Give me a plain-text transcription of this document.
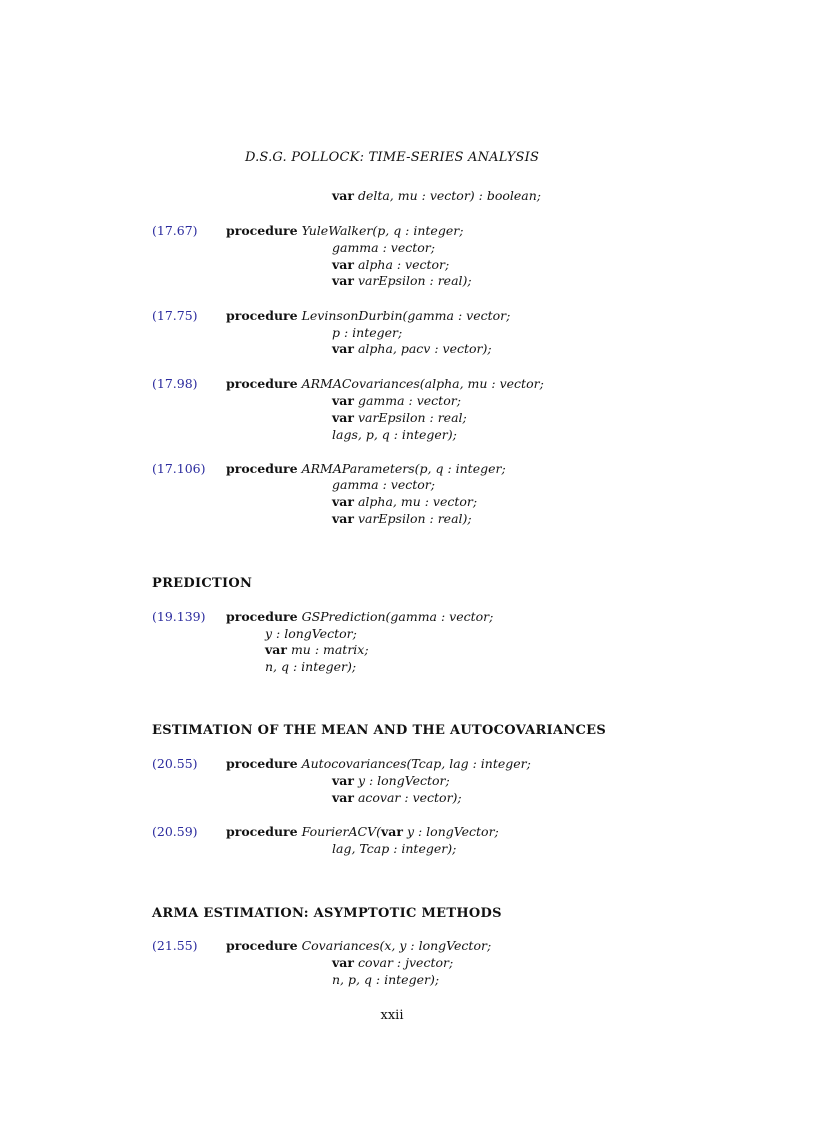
D.S.G. POLLOCK: TIME-SERIES ANALYSIS
var delta, mu : vector) : boolean;
(17.67) procedure YuleWalker(p, q : integer;
gamma : vector;
var alpha : vector;
var varEpsilon : real);
(17.75) procedure LevinsonDurbin(gamma : vector;
p : integer;
var alpha, pacv : vector);
(17.98) procedure ARMACovariances(alpha, mu : vector;
var gamma : vector;
var varEpsilon : real;
lags, p, q : integer);
(17.106) procedure ARMAParameters(p, q : integer;
gamma : vector;
var alpha, mu : vector;
var varEpsilon : real);
PREDICTION
(19.139) procedure GSPrediction(gamma : vector;
y : longVector;
var mu : matrix;
n, q : integer);
ESTIMATION OF THE MEAN AND THE AUTOCOVARIANCES
(20.55) procedure Autocovariances(Tcap, lag : integer;
var y : longVector;
var acovar : vector);
(20.59) procedure FourierACV(var y : longVector;
lag, Tcap : integer);
ARMA ESTIMATION: ASYMPTOTIC METHODS
(21.55) procedure Covariances(x, y : longVector;
var covar : jvector;
n, p, q : integer);
xxii
